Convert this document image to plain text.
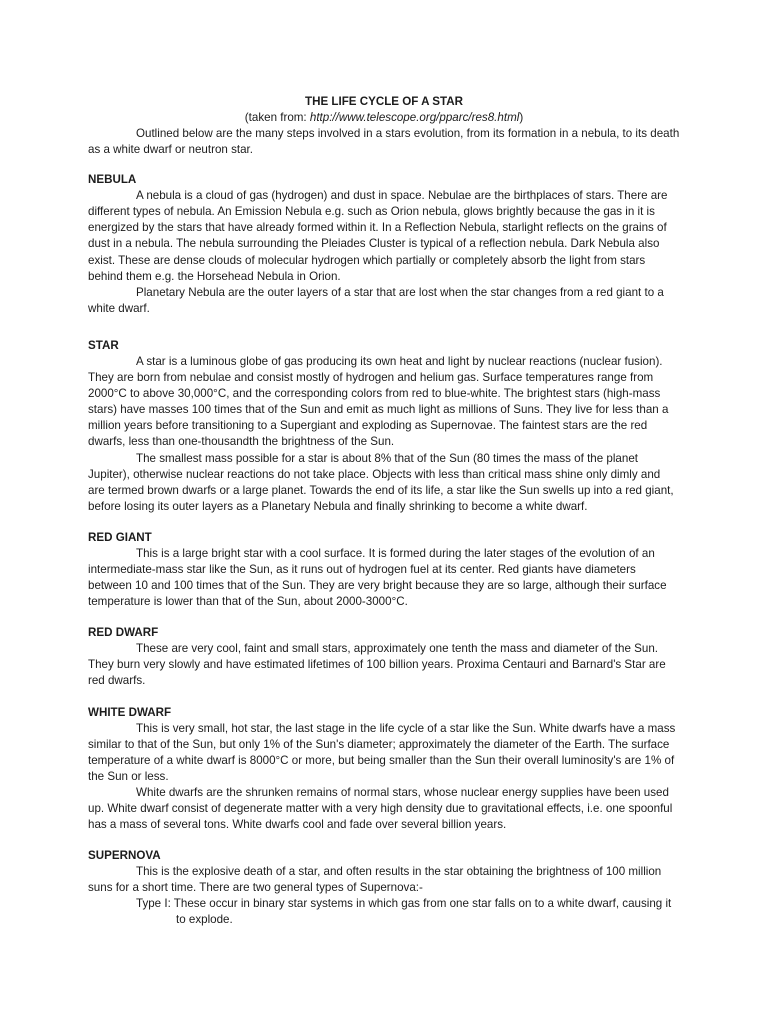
THE LIFE CYCLE OF A STAR

(taken from: http://www.telescope.org/pparc/res8.html)

Outlined below are the many steps involved in a stars evolution, from its formation in a nebula, to its death as a white dwarf or neutron star.

NEBULA

A nebula is a cloud of gas (hydrogen) and dust in space. Nebulae are the birthplaces of stars. There are different types of nebula. An Emission Nebula e.g. such as Orion nebula, glows brightly because the gas in it is energized by the stars that have already formed within it. In a Reflection Nebula, starlight reflects on the grains of dust in a nebula. The nebula surrounding the Pleiades Cluster is typical of a reflection nebula. Dark Nebula also exist. These are dense clouds of molecular hydrogen which partially or completely absorb the light from stars behind them e.g. the Horsehead Nebula in Orion.

Planetary Nebula are the outer layers of a star that are lost when the star changes from a red giant to a white dwarf.

STAR

A star is a luminous globe of gas producing its own heat and light by nuclear reactions (nuclear fusion). They are born from nebulae and consist mostly of hydrogen and helium gas. Surface temperatures range from 2000°C to above 30,000°C, and the corresponding colors from red to blue-white. The brightest stars (high-mass stars) have masses 100 times that of the Sun and emit as much light as millions of Suns. They live for less than a million years before transitioning to a Supergiant and exploding as Supernovae. The faintest stars are the red dwarfs, less than one-thousandth the brightness of the Sun.

The smallest mass possible for a star is about 8% that of the Sun (80 times the mass of the planet Jupiter), otherwise nuclear reactions do not take place. Objects with less than critical mass shine only dimly and are termed brown dwarfs or a large planet. Towards the end of its life, a star like the Sun swells up into a red giant, before losing its outer layers as a Planetary Nebula and finally shrinking to become a white dwarf.

RED GIANT

This is a large bright star with a cool surface. It is formed during the later stages of the evolution of an intermediate-mass star like the Sun, as it runs out of hydrogen fuel at its center. Red giants have diameters between 10 and 100 times that of the Sun. They are very bright because they are so large, although their surface temperature is lower than that of the Sun, about 2000-3000°C.

RED DWARF

These are very cool, faint and small stars, approximately one tenth the mass and diameter of the Sun. They burn very slowly and have estimated lifetimes of 100 billion years. Proxima Centauri and Barnard's Star are red dwarfs.

WHITE DWARF

This is very small, hot star, the last stage in the life cycle of a star like the Sun. White dwarfs have a mass similar to that of the Sun, but only 1% of the Sun's diameter; approximately the diameter of the Earth. The surface temperature of a white dwarf is 8000°C or more, but being smaller than the Sun their overall luminosity's are 1% of the Sun or less.

White dwarfs are the shrunken remains of normal stars, whose nuclear energy supplies have been used up. White dwarf consist of degenerate matter with a very high density due to gravitational effects, i.e. one spoonful has a mass of several tons. White dwarfs cool and fade over several billion years.

SUPERNOVA

This is the explosive death of a star, and often results in the star obtaining the brightness of 100 million suns for a short time. There are two general types of Supernova:-

Type I: These occur in binary star systems in which gas from one star falls on to a white dwarf, causing it to explode.
